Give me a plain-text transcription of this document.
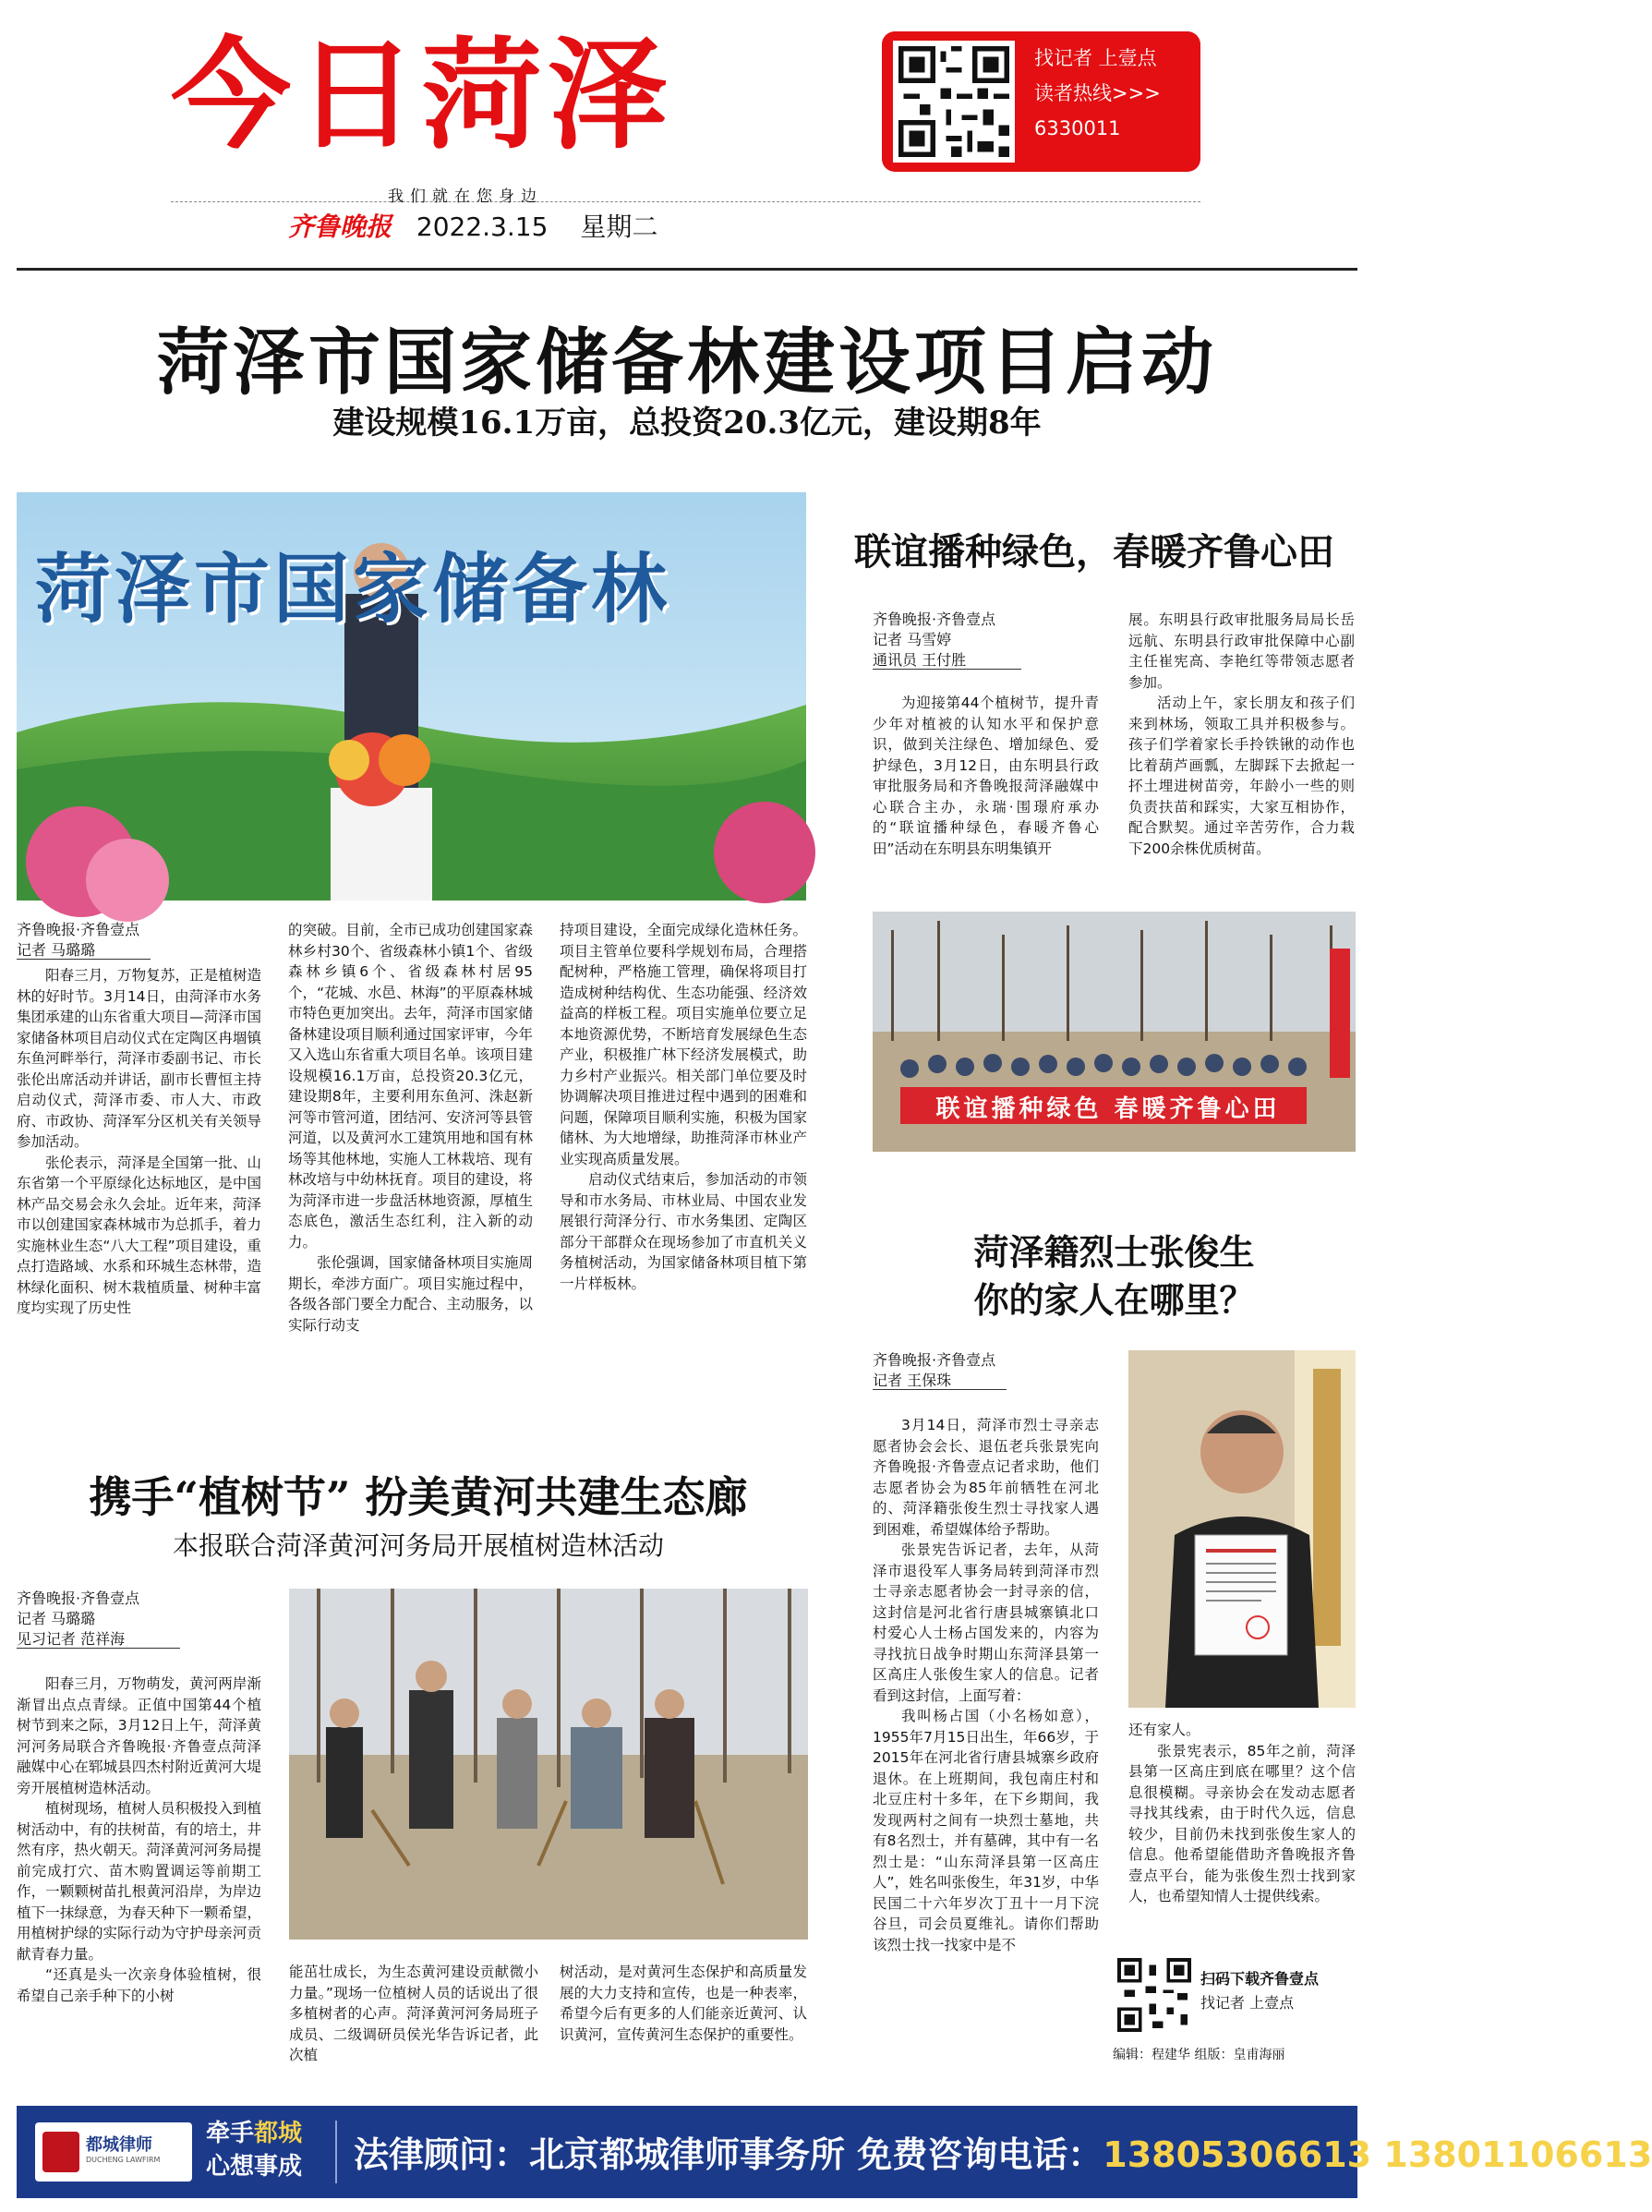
今日菏泽	找记者 上壹点
读者热线>>>
6330011
我们就在您身边
齐鲁晚报 2022.3.15 星期二
菏泽市国家储备林建设项目启动
建设规模16.1万亩，总投资20.3亿元，建设期8年
菏泽市国家储备林
齐鲁晚报·齐鲁壹点
记者 马璐璐

阳春三月，万物复苏，正是植树造林的好时节。3月14日，由菏泽市水务集团承建的山东省重大项目—菏泽市国家储备林项目启动仪式在定陶区冉堌镇东鱼河畔举行，菏泽市委副书记、市长张伦出席活动并讲话，副市长曹恒主持启动仪式，菏泽市委、市人大、市政府、市政协、菏泽军分区机关有关领导参加活动。

张伦表示，菏泽是全国第一批、山东省第一个平原绿化达标地区，是中国林产品交易会永久会址。近年来，菏泽市以创建国家森林城市为总抓手，着力实施林业生态“八大工程”项目建设，重点打造路域、水系和环城生态林带，造林绿化面积、树木栽植质量、树种丰富度均实现了历史性

的突破。目前，全市已成功创建国家森林乡村30个、省级森林小镇1个、省级森林乡镇6个、省级森林村居95个，“花城、水邑、林海”的平原森林城市特色更加突出。去年，菏泽市国家储备林建设项目顺利通过国家评审，今年又入选山东省重大项目名单。该项目建设规模16.1万亩，总投资20.3亿元，建设期8年，主要利用东鱼河、洙赵新河等市管河道，团结河、安济河等县管河道，以及黄河水工建筑用地和国有林场等其他林地，实施人工林栽培、现有林改培与中幼林抚育。项目的建设，将为菏泽市进一步盘活林地资源，厚植生态底色，激活生态红利，注入新的动力。

张伦强调，国家储备林项目实施周期长，牵涉方面广。项目实施过程中，各级各部门要全力配合、主动服务，以实际行动支

持项目建设，全面完成绿化造林任务。项目主管单位要科学规划布局，合理搭配树种，严格施工管理，确保将项目打造成树种结构优、生态功能强、经济效益高的样板工程。项目实施单位要立足本地资源优势，不断培育发展绿色生态产业，积极推广林下经济发展模式，助力乡村产业振兴。相关部门单位要及时协调解决项目推进过程中遇到的困难和问题，保障项目顺利实施，积极为国家储林、为大地增绿，助推菏泽市林业产业实现高质量发展。

启动仪式结束后，参加活动的市领导和市水务局、市林业局、中国农业发展银行菏泽分行、市水务集团、定陶区部分干部群众在现场参加了市直机关义务植树活动，为国家储备林项目植下第一片样板林。

联谊播种绿色，春暖齐鲁心田
齐鲁晚报·齐鲁壹点
记者 马雪婷
通讯员 王付胜

为迎接第44个植树节，提升青少年对植被的认知水平和保护意识，做到关注绿色、增加绿色、爱护绿色，3月12日，由东明县行政审批服务局和齐鲁晚报菏泽融媒中心联合主办，永瑞·围璟府承办的“联谊播种绿色，春暖齐鲁心田”活动在东明县东明集镇开

展。东明县行政审批服务局局长岳远航、东明县行政审批保障中心副主任崔宪高、李艳红等带领志愿者参加。

活动上午，家长朋友和孩子们来到林场，领取工具并积极参与。孩子们学着家长手拎铁锹的动作也比着葫芦画瓢，左脚踩下去掀起一抔土埋进树苗旁，年龄小一些的则负责扶苗和踩实，大家互相协作，配合默契。通过辛苦劳作，合力栽下200余株优质树苗。

联谊播种绿色 春暖齐鲁心田
菏泽籍烈士张俊生
你的家人在哪里？
齐鲁晚报·齐鲁壹点
记者 王保珠

3月14日，菏泽市烈士寻亲志愿者协会会长、退伍老兵张景宪向齐鲁晚报·齐鲁壹点记者求助，他们志愿者协会为85年前牺牲在河北的、菏泽籍张俊生烈士寻找家人遇到困难，希望媒体给予帮助。

张景宪告诉记者，去年，从菏泽市退役军人事务局转到菏泽市烈士寻亲志愿者协会一封寻亲的信，这封信是河北省行唐县城寨镇北口村爱心人士杨占国发来的，内容为寻找抗日战争时期山东菏泽县第一区高庄人张俊生家人的信息。记者看到这封信，上面写着：

我叫杨占国（小名杨如意），1955年7月15日出生，年66岁，于2015年在河北省行唐县城寨乡政府退休。在上班期间，我包南庄村和北豆庄村十多年，在下乡期间，我发现两村之间有一块烈士墓地，共有8名烈士，并有墓碑，其中有一名烈士是：“山东菏泽县第一区高庄人”，姓名叫张俊生，年31岁，中华民国二十六年岁次丁丑十一月下浣谷旦，司会员夏维礼。请你们帮助该烈士找一找家中是不

还有家人。

张景宪表示，85年之前，菏泽县第一区高庄到底在哪里？这个信息很模糊。寻亲协会在发动志愿者寻找其线索，由于时代久远，信息较少，目前仍未找到张俊生家人的信息。他希望能借助齐鲁晚报齐鲁壹点平台，能为张俊生烈士找到家人，也希望知情人士提供线索。

扫码下载齐鲁壹点
找记者 上壹点
编辑：程建华 组版：皇甫海丽
携手“植树节” 扮美黄河共建生态廊
本报联合菏泽黄河河务局开展植树造林活动
齐鲁晚报·齐鲁壹点
记者 马璐璐
见习记者 范祥海

阳春三月，万物萌发，黄河两岸渐渐冒出点点青绿。正值中国第44个植树节到来之际，3月12日上午，菏泽黄河河务局联合齐鲁晚报·齐鲁壹点菏泽融媒中心在郓城县四杰村附近黄河大堤旁开展植树造林活动。

植树现场，植树人员积极投入到植树活动中，有的扶树苗，有的培土，井然有序，热火朝天。菏泽黄河河务局提前完成打穴、苗木购置调运等前期工作，一颗颗树苗扎根黄河沿岸，为岸边植下一抹绿意，为春天种下一颗希望，用植树护绿的实际行动为守护母亲河贡献青春力量。

“还真是头一次亲身体验植树，很希望自己亲手种下的小树

能茁壮成长，为生态黄河建设贡献微小力量。”现场一位植树人员的话说出了很多植树者的心声。菏泽黄河河务局班子成员、二级调研员侯光华告诉记者，此次植

树活动，是对黄河生态保护和高质量发展的大力支持和宣传，也是一种表率，希望今后有更多的人们能亲近黄河、认识黄河，宣传黄河生态保护的重要性。

都城律师
DUCHENG LAWFIRM
牵手都城
心想事成 法律顾问：北京都城律师事务所 免费咨询电话：13805306613 13801106613
